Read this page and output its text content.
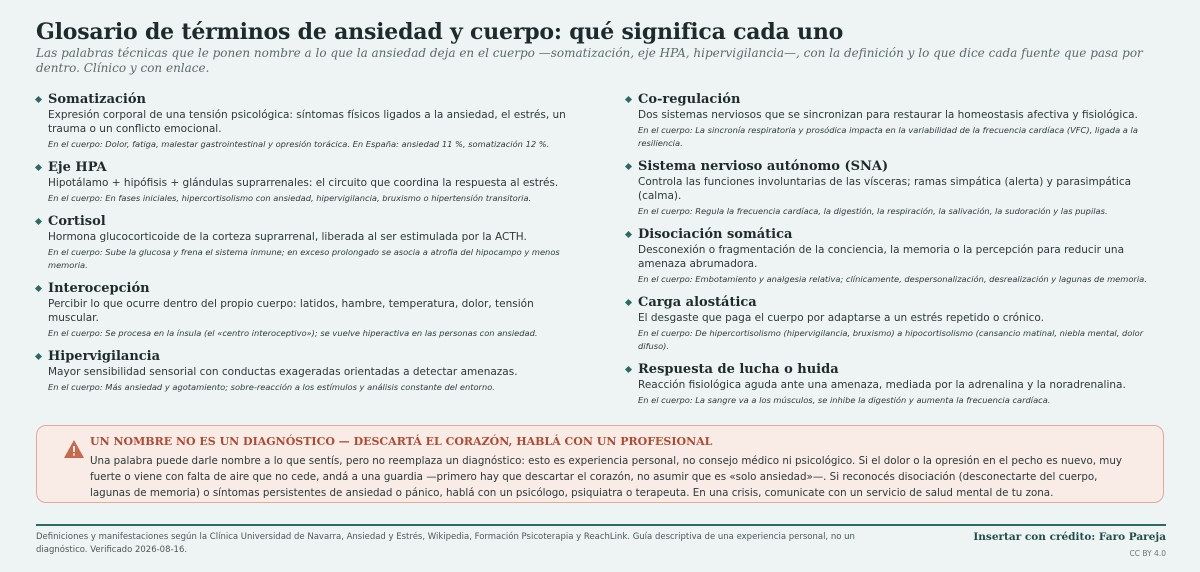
Glosario de términos de ansiedad y cuerpo: qué significa cada uno

Las palabras técnicas que le ponen nombre a lo que la ansiedad deja en el cuerpo —somatización, eje HPA, hipervigilancia—, con la definición y lo que dice cada fuente que pasa por dentro. Clínico y con enlace.

Somatización
Expresión corporal de una tensión psicológica: síntomas físicos ligados a la ansiedad, el estrés, un trauma o un conflicto emocional.
En el cuerpo: Dolor, fatiga, malestar gastrointestinal y opresión torácica. En España: ansiedad 11 %, somatización 12 %.
Eje HPA
Hipotálamo + hipófisis + glándulas suprarrenales: el circuito que coordina la respuesta al estrés.
En el cuerpo: En fases iniciales, hipercortisolismo con ansiedad, hipervigilancia, bruxismo o hipertensión transitoria.
Cortisol
Hormona glucocorticoide de la corteza suprarrenal, liberada al ser estimulada por la ACTH.
En el cuerpo: Sube la glucosa y frena el sistema inmune; en exceso prolongado se asocia a atrofia del hipocampo y menos memoria.
Interocepción
Percibir lo que ocurre dentro del propio cuerpo: latidos, hambre, temperatura, dolor, tensión muscular.
En el cuerpo: Se procesa en la ínsula (el «centro interoceptivo»); se vuelve hiperactiva en las personas con ansiedad.
Hipervigilancia
Mayor sensibilidad sensorial con conductas exageradas orientadas a detectar amenazas.
En el cuerpo: Más ansiedad y agotamiento; sobre-reacción a los estímulos y análisis constante del entorno.
Co-regulación
Dos sistemas nerviosos que se sincronizan para restaurar la homeostasis afectiva y fisiológica.
En el cuerpo: La sincronía respiratoria y prosódica impacta en la variabilidad de la frecuencia cardíaca (VFC), ligada a la resiliencia.
Sistema nervioso autónomo (SNA)
Controla las funciones involuntarias de las vísceras; ramas simpática (alerta) y parasimpática (calma).
En el cuerpo: Regula la frecuencia cardíaca, la digestión, la respiración, la salivación, la sudoración y las pupilas.
Disociación somática
Desconexión o fragmentación de la conciencia, la memoria o la percepción para reducir una amenaza abrumadora.
En el cuerpo: Embotamiento y analgesia relativa; clínicamente, despersonalización, desrealización y lagunas de memoria.
Carga alostática
El desgaste que paga el cuerpo por adaptarse a un estrés repetido o crónico.
En el cuerpo: De hipercortisolismo (hipervigilancia, bruxismo) a hipocortisolismo (cansancio matinal, niebla mental, dolor difuso).
Respuesta de lucha o huida
Reacción fisiológica aguda ante una amenaza, mediada por la adrenalina y la noradrenalina.
En el cuerpo: La sangre va a los músculos, se inhibe la digestión y aumenta la frecuencia cardíaca.
UN NOMBRE NO ES UN DIAGNÓSTICO — DESCARTÁ EL CORAZÓN, HABLÁ CON UN PROFESIONAL
Una palabra puede darle nombre a lo que sentís, pero no reemplaza un diagnóstico: esto es experiencia personal, no consejo médico ni psicológico. Si el dolor o la opresión en el pecho es nuevo, muy fuerte o viene con falta de aire que no cede, andá a una guardia —primero hay que descartar el corazón, no asumir que es «solo ansiedad»—. Si reconocés disociación (desconectarte del cuerpo, lagunas de memoria) o síntomas persistentes de ansiedad o pánico, hablá con un psicólogo, psiquiatra o terapeuta. En una crisis, comunicate con un servicio de salud mental de tu zona.
Definiciones y manifestaciones según la Clínica Universidad de Navarra, Ansiedad y Estrés, Wikipedia, Formación Psicoterapia y ReachLink. Guía descriptiva de una experiencia personal, no un diagnóstico. Verificado 2026-08-16.
Insertar con crédito: Faro Pareja
CC BY 4.0
